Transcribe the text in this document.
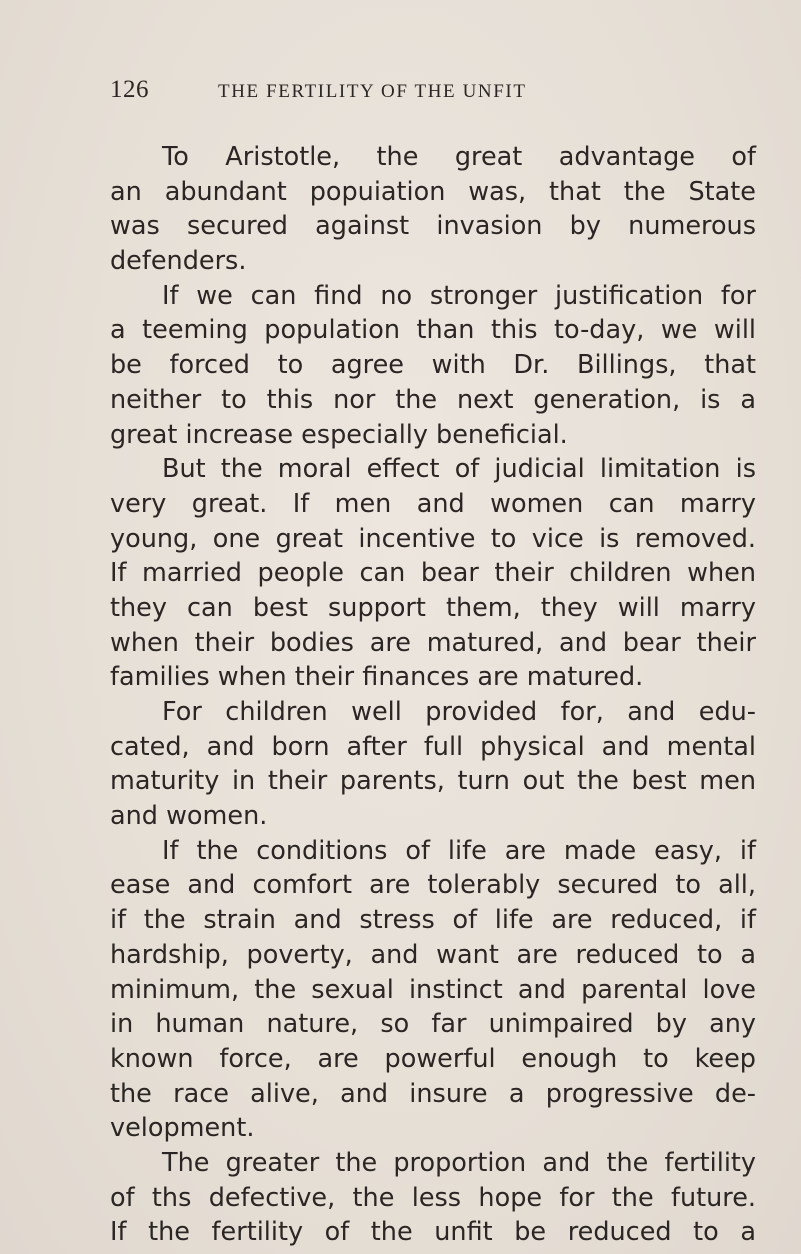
126	THE FERTILITY OF THE UNFIT
To Aristotle, the great advantage of
an abundant popuiation was, that the State
was secured against invasion by numerous
defenders.
If we can find no stronger justification for
a teeming population than this to-day, we will
be forced to agree with Dr. Billings, that
neither to this nor the next generation, is a
great increase especially beneficial.
But the moral effect of judicial limitation is
very great. If men and women can marry
young, one great incentive to vice is removed.
If married people can bear their children when
they can best support them, they will marry
when their bodies are matured, and bear their
families when their finances are matured.
For children well provided for, and edu-
cated, and born after full physical and mental
maturity in their parents, turn out the best men
and women.
If the conditions of life are made easy, if
ease and comfort are tolerably secured to all,
if the strain and stress of life are reduced, if
hardship, poverty, and want are reduced to a
minimum, the sexual instinct and parental love
in human nature, so far unimpaired by any
known force, are powerful enough to keep
the race alive, and insure a progressive de-
velopment.
The greater the proportion and the fertility
of ths defective, the less hope for the future.
If the fertility of the unfit be reduced to a
